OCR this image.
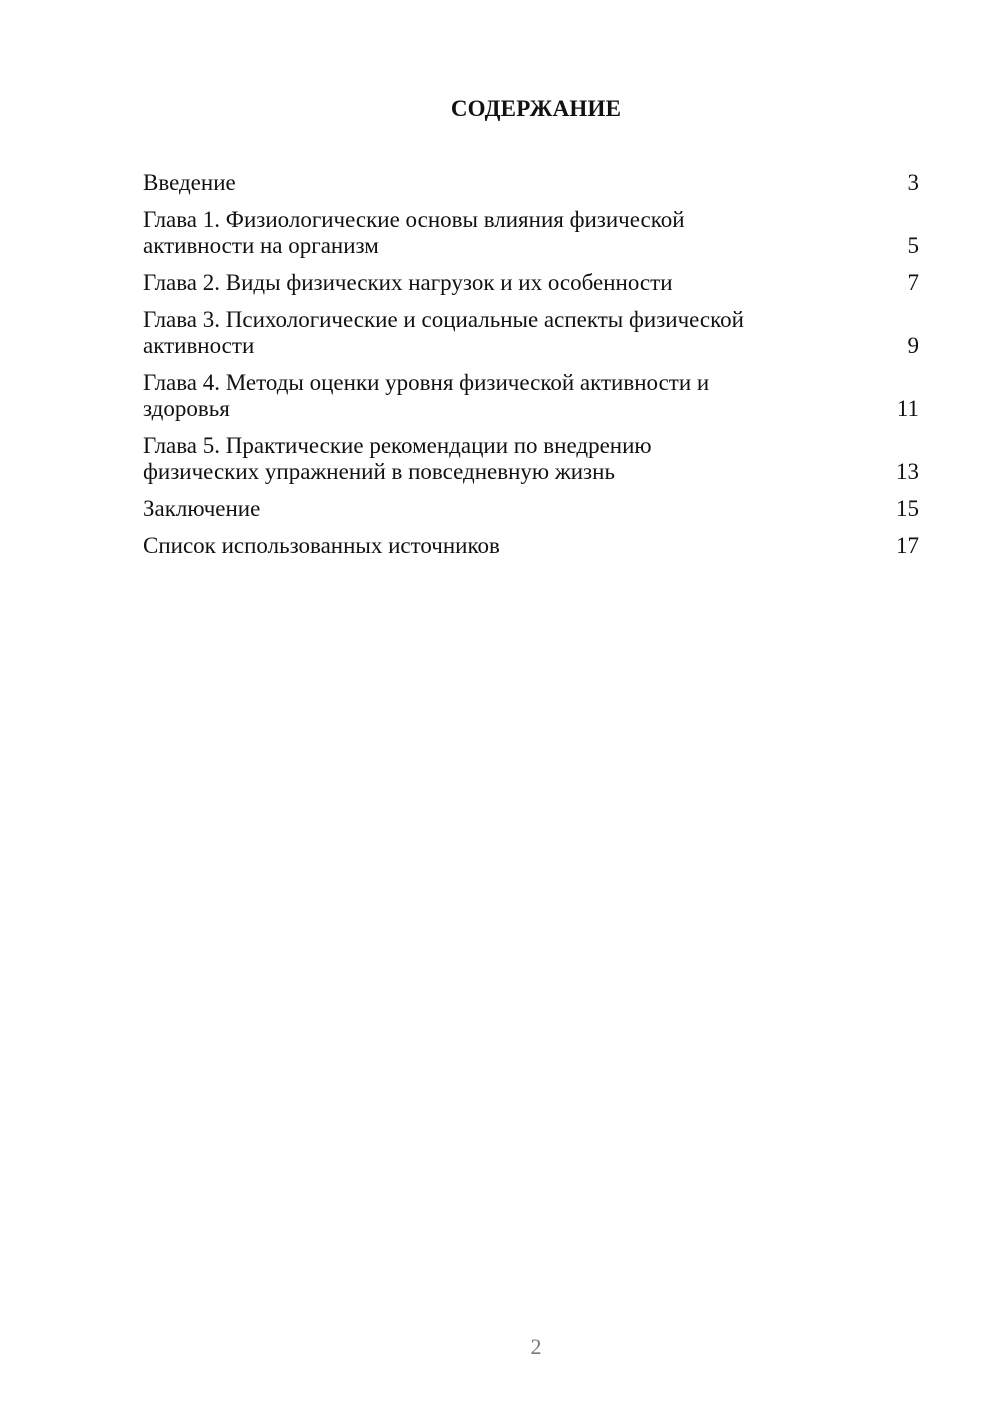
СОДЕРЖАНИЕ
Введение	3
Глава 1. Физиологические основы влияния физической
активности на организм	5
Глава 2. Виды физических нагрузок и их особенности	7
Глава 3. Психологические и социальные аспекты физической
активности	9
Глава 4. Методы оценки уровня физической активности и
здоровья	11
Глава 5. Практические рекомендации по внедрению
физических упражнений в повседневную жизнь	13
Заключение	15
Список использованных источников	17
2
